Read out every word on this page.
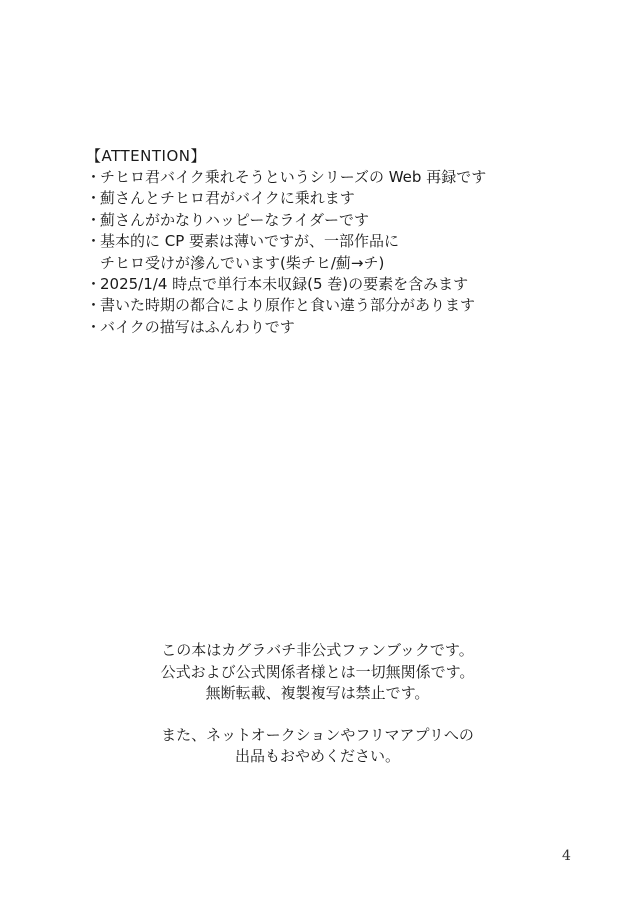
【ATTENTION】
・
チヒロ君バイク乗れそうというシリーズの Web 再録です
・
薊さんとチヒロ君がバイクに乗れます
・
薊さんがかなりハッピーなライダーです
・
基本的に CP 要素は薄いですが、一部作品に
チヒロ受けが滲んでいます(柴チヒ/薊→チ)
・
2025/1/4 時点で単行本未収録(5 巻)の要素を含みます
・
書いた時期の都合により原作と食い違う部分があります
・
バイクの描写はふんわりです

この本はカグラバチ非公式ファンブックです。
公式および公式関係者様とは一切無関係です。
無断転載、複製複写は禁止です。

また、ネットオークションやフリマアプリへの
出品もおやめください。

4
